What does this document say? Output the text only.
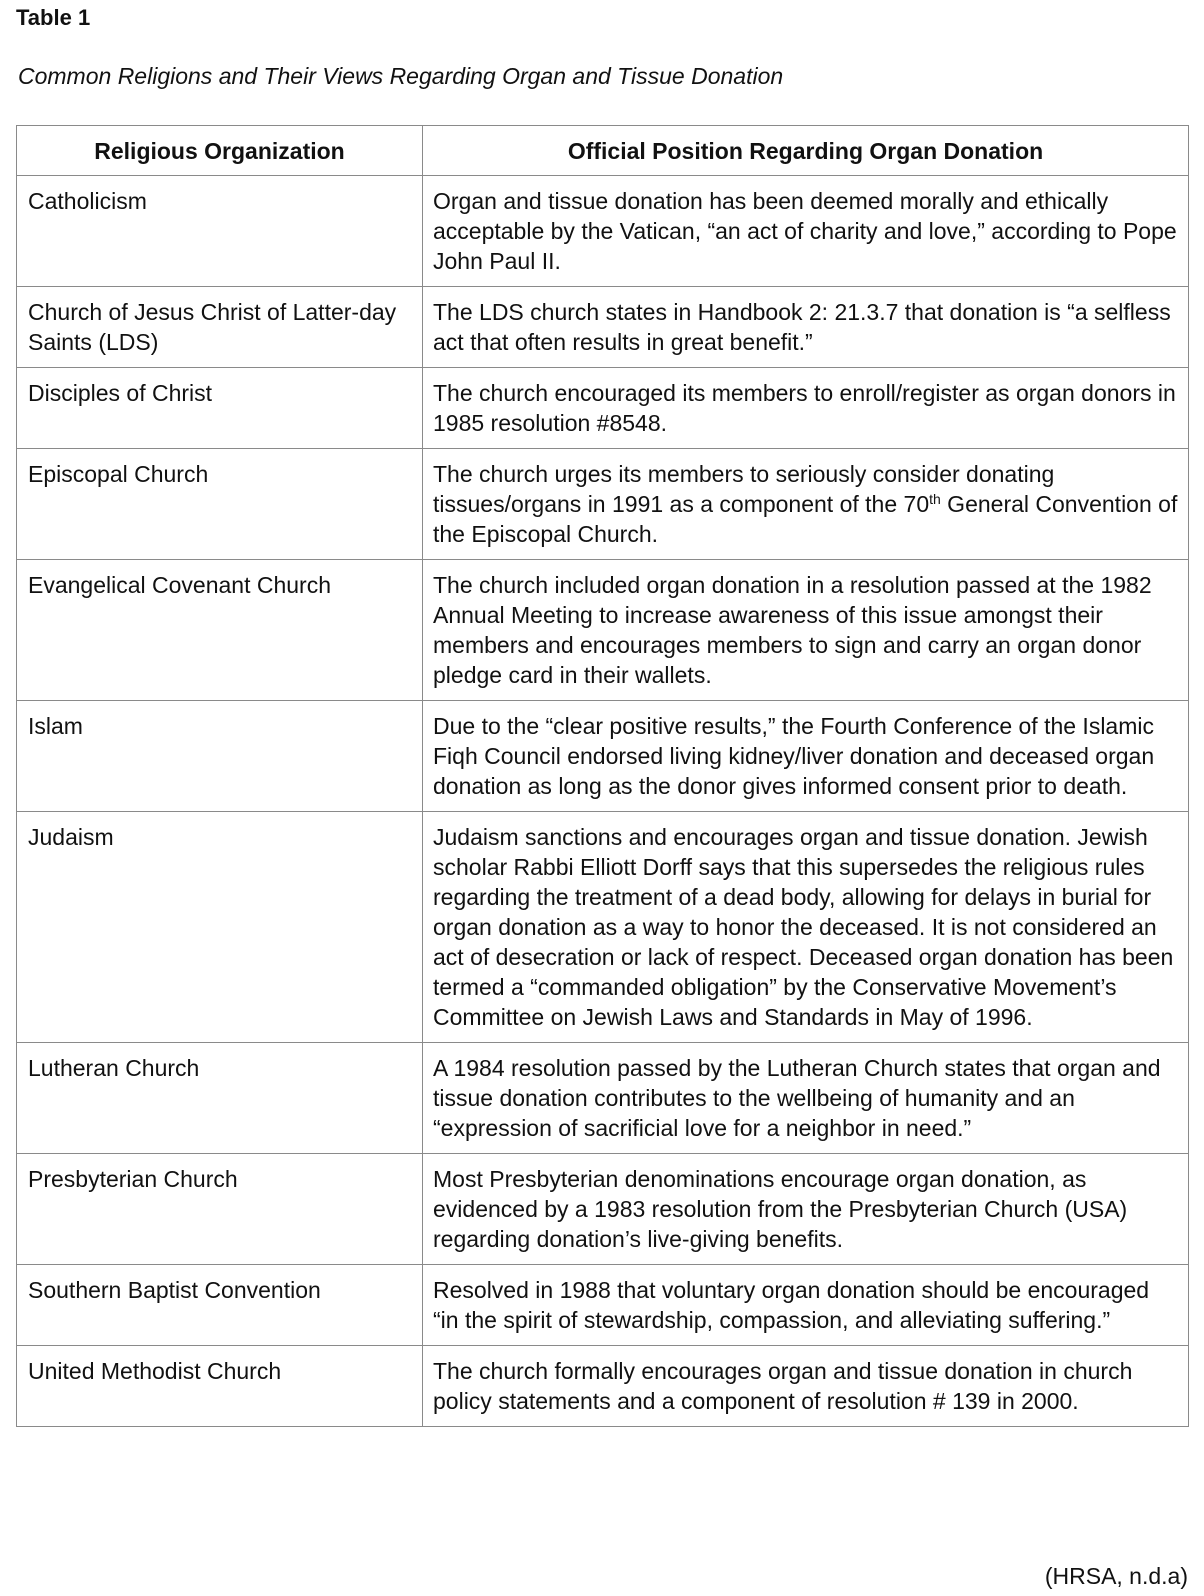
Table 1

Common Religions and Their Views Regarding Organ and Tissue Donation

Religious Organization	Official Position Regarding Organ Donation
Catholicism	Organ and tissue donation has been deemed morally and ethically acceptable by the Vatican, “an act of charity and love,” according to Pope John Paul II.
Church of Jesus Christ of Latter-day Saints (LDS)	The LDS church states in Handbook 2: 21.3.7 that donation is “a selfless act that often results in great benefit.”
Disciples of Christ	The church encouraged its members to enroll/register as organ donors in 1985 resolution #8548.
Episcopal Church	The church urges its members to seriously consider donating tissues/organs in 1991 as a component of the 70th General Convention of the Episcopal Church.
Evangelical Covenant Church	The church included organ donation in a resolution passed at the 1982 Annual Meeting to increase awareness of this issue amongst their members and encourages members to sign and carry an organ donor pledge card in their wallets.
Islam	Due to the “clear positive results,” the Fourth Conference of the Islamic Fiqh Council endorsed living kidney/liver donation and deceased organ donation as long as the donor gives informed consent prior to death.
Judaism	Judaism sanctions and encourages organ and tissue donation. Jewish scholar Rabbi Elliott Dorff says that this supersedes the religious rules regarding the treatment of a dead body, allowing for delays in burial for organ donation as a way to honor the deceased. It is not considered an act of desecration or lack of respect. Deceased organ donation has been termed a “commanded obligation” by the Conservative Movement’s Committee on Jewish Laws and Standards in May of 1996.
Lutheran Church	A 1984 resolution passed by the Lutheran Church states that organ and tissue donation contributes to the wellbeing of humanity and an “expression of sacrificial love for a neighbor in need.”
Presbyterian Church	Most Presbyterian denominations encourage organ donation, as evidenced by a 1983 resolution from the Presbyterian Church (USA) regarding donation’s live-giving benefits.
Southern Baptist Convention	Resolved in 1988 that voluntary organ donation should be encouraged “in the spirit of stewardship, compassion, and alleviating suffering.”
United Methodist Church	The church formally encourages organ and tissue donation in church policy statements and a component of resolution # 139 in 2000.

(HRSA, n.d.a)
